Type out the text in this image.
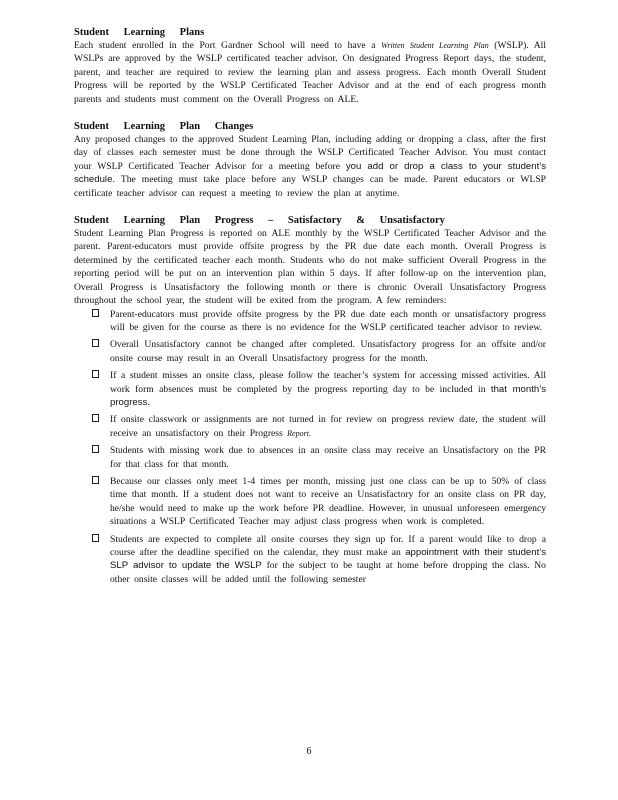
Student Learning Plans

Each student enrolled in the Port Gardner School will need to have a Written Student Learning Plan (WSLP). All WSLPs are approved by the WSLP certificated teacher advisor. On designated Progress Report days, the student, parent, and teacher are required to review the learning plan and assess progress. Each month Overall Student Progress will be reported by the WSLP Certificated Teacher Advisor and at the end of each progress month parents and students must comment on the Overall Progress on ALE.

Student Learning Plan Changes

Any proposed changes to the approved Student Learning Plan, including adding or dropping a class, after the first day of classes each semester must be done through the WSLP Certificated Teacher Advisor. You must contact your WSLP Certificated Teacher Advisor for a meeting before you add or drop a class to your student’s schedule. The meeting must take place before any WSLP changes can be made. Parent educators or WLSP certificate teacher advisor can request a meeting to review the plan at anytime.

Student Learning Plan Progress – Satisfactory & Unsatisfactory

Student Learning Plan Progress is reported on ALE monthly by the WSLP Certificated Teacher Advisor and the parent. Parent-educators must provide offsite progress by the PR due date each month. Overall Progress is determined by the certificated teacher each month. Students who do not make sufficient Overall Progress in the reporting period will be put on an intervention plan within 5 days. If after follow-up on the intervention plan, Overall Progress is Unsatisfactory the following month or there is chronic Overall Unsatisfactory Progress throughout the school year, the student will be exited from the program. A few reminders:

Parent-educators must provide offsite progress by the PR due date each month or unsatisfactory progress will be given for the course as there is no evidence for the WSLP certificated teacher advisor to review.
Overall Unsatisfactory cannot be changed after completed. Unsatisfactory progress for an offsite and/or onsite course may result in an Overall Unsatisfactory progress for the month.
If a student misses an onsite class, please follow the teacher’s system for accessing missed activities. All work form absences must be completed by the progress reporting day to be included in that month’s progress.
If onsite classwork or assignments are not turned in for review on progress review date, the student will receive an unsatisfactory on their Progress Report.
Students with missing work due to absences in an onsite class may receive an Unsatisfactory on the PR for that class for that month.
Because our classes only meet 1-4 times per month, missing just one class can be up to 50% of class time that month. If a student does not want to receive an Unsatisfactory for an onsite class on PR day, he/she would need to make up the work before PR deadline. However, in unusual unforeseen emergency situations a WSLP Certificated Teacher may adjust class progress when work is completed.
Students are expected to complete all onsite courses they sign up for. If a parent would like to drop a course after the deadline specified on the calendar, they must make an appointment with their student’s SLP advisor to update the WSLP for the subject to be taught at home before dropping the class. No other onsite classes will be added until the following semester
6
